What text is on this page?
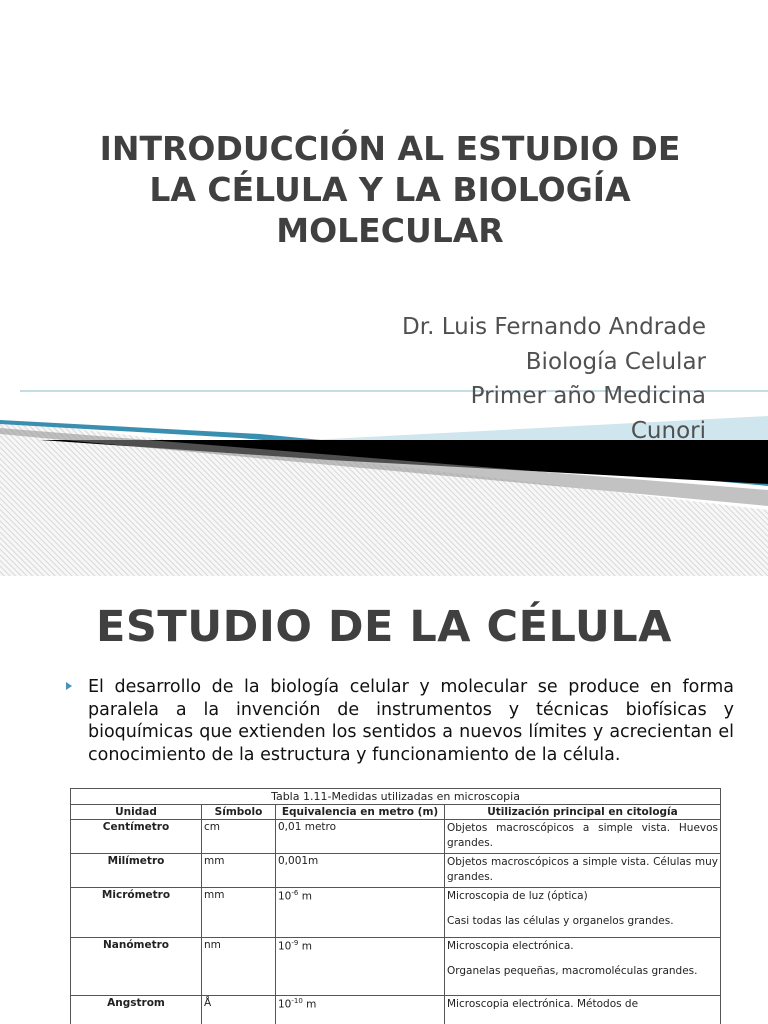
INTRODUCCIÓN AL ESTUDIO DE
LA CÉLULA Y LA BIOLOGÍA
MOLECULAR
Dr. Luis Fernando Andrade
Biología Celular
Primer año Medicina
Cunori
ESTUDIO DE LA CÉLULA
El desarrollo de la biología celular y molecular se produce en forma paralela a la invención de instrumentos y técnicas biofísicas y bioquímicas que extienden los sentidos a nuevos límites y acrecientan el conocimiento de la estructura y funcionamiento de la célula.
Tabla 1.11-Medidas utilizadas en microscopia			
Unidad	Símbolo	Equivalencia en metro (m)	Utilización principal en citología
Centímetro	cm	0,01 metro	Objetos macroscópicos a simple vista. Huevos grandes.

Milímetro	mm	0,001m	Objetos macroscópicos a simple vista. Células muy grandes.

Micrómetro	mm	$10^{-6}$ m	Microscopia de luz (óptica)
Casi todas las células y organelos grandes.

Nanómetro	nm	$10^{-9}$ m	Microscopia electrónica.
Organelas pequeñas, macromoléculas grandes.

Angstrom	Å	$10^{-10}$ m	Microscopia electrónica. Métodos de
